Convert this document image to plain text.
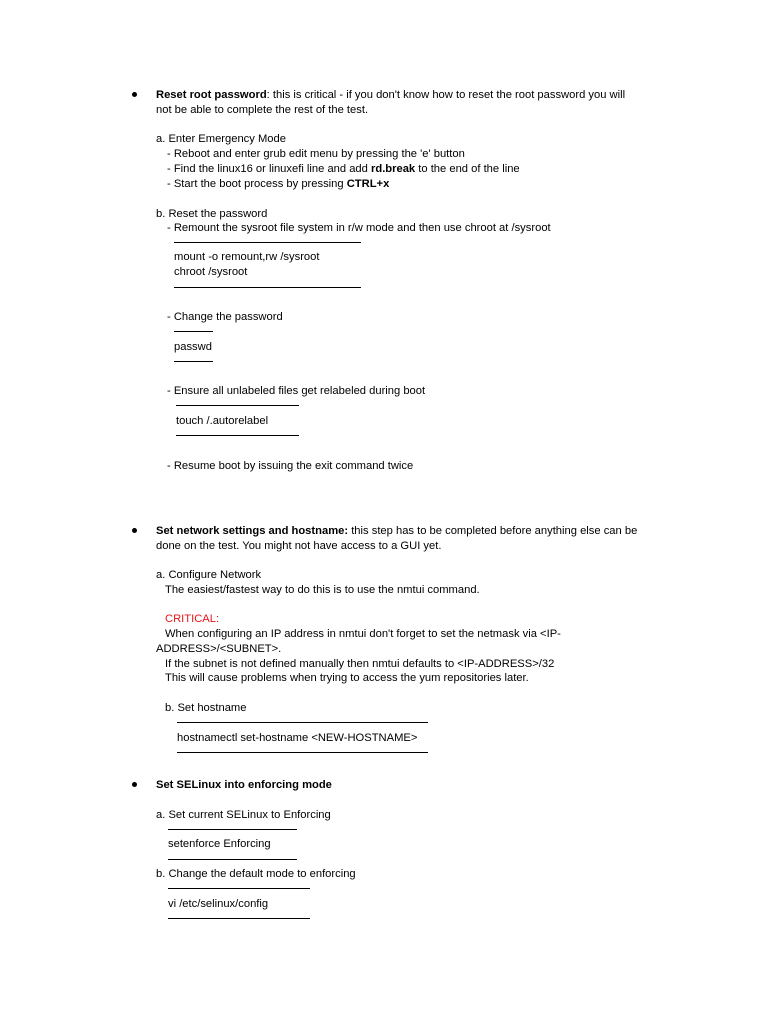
Reset root password: this is critical - if you don't know how to reset the root password you will
not be able to complete the rest of the test.
a. Enter Emergency Mode
- Reboot and enter grub edit menu by pressing the 'e' button
- Find the linux16 or linuxefi line and add rd.break to the end of the line
- Start the boot process by pressing CTRL+x
b. Reset the password
- Remount the sysroot file system in r/w mode and then use chroot at /sysroot
mount -o remount,rw /sysroot
chroot /sysroot
- Change the password
passwd
- Ensure all unlabeled files get relabeled during boot
touch /.autorelabel
- Resume boot by issuing the exit command twice
Set network settings and hostname: this step has to be completed before anything else can be
done on the test. You might not have access to a GUI yet.
a. Configure Network
The easiest/fastest way to do this is to use the nmtui command.
CRITICAL:
When configuring an IP address in nmtui don't forget to set the netmask via <IP-
ADDRESS>/<SUBNET>.
If the subnet is not defined manually then nmtui defaults to <IP-ADDRESS>/32
This will cause problems when trying to access the yum repositories later.
b. Set hostname
hostnamectl set-hostname <NEW-HOSTNAME>
Set SELinux into enforcing mode
a. Set current SELinux to Enforcing
setenforce Enforcing
b. Change the default mode to enforcing
vi /etc/selinux/config
